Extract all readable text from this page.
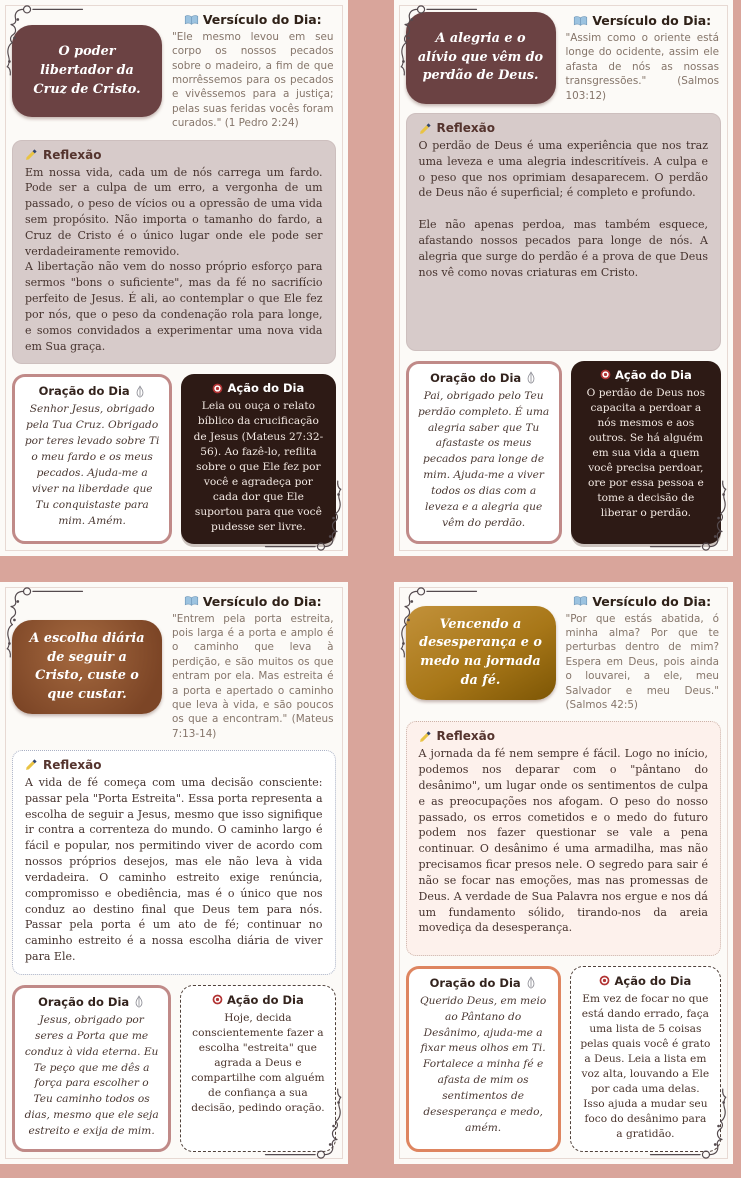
O poder libertador da Cruz de Cristo.
Versículo do Dia:
"Ele mesmo levou em seu corpo os nossos pecados sobre o madeiro, a fim de que morrêssemos para os pecados e vivêssemos para a justiça; pelas suas feridas vocês foram curados." (1 Pedro 2:24)
Reflexão
Em nossa vida, cada um de nós carrega um fardo. Pode ser a culpa de um erro, a vergonha de um passado, o peso de vícios ou a opressão de uma vida sem propósito. Não importa o tamanho do fardo, a Cruz de Cristo é o único lugar onde ele pode ser verdadeiramente removido.
A libertação não vem do nosso próprio esforço para sermos "bons o suficiente", mas da fé no sacrifício perfeito de Jesus. É ali, ao contemplar o que Ele fez por nós, que o peso da condenação rola para longe, e somos convidados a experimentar uma nova vida em Sua graça.
Oração do Dia
Senhor Jesus, obrigado pela Tua Cruz. Obrigado por teres levado sobre Ti o meu fardo e os meus pecados. Ajuda-me a viver na liberdade que Tu conquistaste para mim. Amém.
Ação do Dia
Leia ou ouça o relato bíblico da crucificação de Jesus (Mateus 27:32-56). Ao fazê-lo, reflita sobre o que Ele fez por você e agradeça por cada dor que Ele suportou para que você pudesse ser livre.
A alegria e o alívio que vêm do perdão de Deus.
Versículo do Dia:
"Assim como o oriente está longe do ocidente, assim ele afasta de nós as nossas transgressões." (Salmos 103:12)
Reflexão
O perdão de Deus é uma experiência que nos traz uma leveza e uma alegria indescritíveis. A culpa e o peso que nos oprimiam desaparecem. O perdão de Deus não é superficial; é completo e profundo.

Ele não apenas perdoa, mas também esquece, afastando nossos pecados para longe de nós. A alegria que surge do perdão é a prova de que Deus nos vê como novas criaturas em Cristo.
Oração do Dia
Pai, obrigado pelo Teu perdão completo. É uma alegria saber que Tu afastaste os meus pecados para longe de mim. Ajuda-me a viver todos os dias com a leveza e a alegria que vêm do perdão.
Ação do Dia
O perdão de Deus nos capacita a perdoar a nós mesmos e aos outros. Se há alguém em sua vida a quem você precisa perdoar, ore por essa pessoa e tome a decisão de liberar o perdão.
A escolha diária de seguir a Cristo, custe o que custar.
Versículo do Dia:
"Entrem pela porta estreita, pois larga é a porta e amplo é o caminho que leva à perdição, e são muitos os que entram por ela. Mas estreita é a porta e apertado o caminho que leva à vida, e são poucos os que a encontram." (Mateus 7:13-14)
Reflexão
A vida de fé começa com uma decisão consciente: passar pela "Porta Estreita". Essa porta representa a escolha de seguir a Jesus, mesmo que isso signifique ir contra a correnteza do mundo. O caminho largo é fácil e popular, nos permitindo viver de acordo com nossos próprios desejos, mas ele não leva à vida verdadeira. O caminho estreito exige renúncia, compromisso e obediência, mas é o único que nos conduz ao destino final que Deus tem para nós. Passar pela porta é um ato de fé; continuar no caminho estreito é a nossa escolha diária de viver para Ele.
Oração do Dia
Jesus, obrigado por seres a Porta que me conduz à vida eterna. Eu Te peço que me dês a força para escolher o Teu caminho todos os dias, mesmo que ele seja estreito e exija de mim.
Ação do Dia
Hoje, decida conscientemente fazer a escolha "estreita" que agrada a Deus e compartilhe com alguém de confiança a sua decisão, pedindo oração.
Vencendo a desesperança e o medo na jornada da fé.
Versículo do Dia:
"Por que estás abatida, ó minha alma? Por que te perturbas dentro de mim? Espera em Deus, pois ainda o louvarei, a ele, meu Salvador e meu Deus." (Salmos 42:5)
Reflexão
A jornada da fé nem sempre é fácil. Logo no início, podemos nos deparar com o "pântano do desânimo", um lugar onde os sentimentos de culpa e as preocupações nos afogam. O peso do nosso passado, os erros cometidos e o medo do futuro podem nos fazer questionar se vale a pena continuar. O desânimo é uma armadilha, mas não precisamos ficar presos nele. O segredo para sair é não se focar nas emoções, mas nas promessas de Deus. A verdade de Sua Palavra nos ergue e nos dá um fundamento sólido, tirando-nos da areia movediça da desesperança.
Oração do Dia
Querido Deus, em meio ao Pântano do Desânimo, ajuda-me a fixar meus olhos em Ti. Fortalece a minha fé e afasta de mim os sentimentos de desesperança e medo, amém.
Ação do Dia
Em vez de focar no que está dando errado, faça uma lista de 5 coisas pelas quais você é grato a Deus. Leia a lista em voz alta, louvando a Ele por cada uma delas. Isso ajuda a mudar seu foco do desânimo para a gratidão.
